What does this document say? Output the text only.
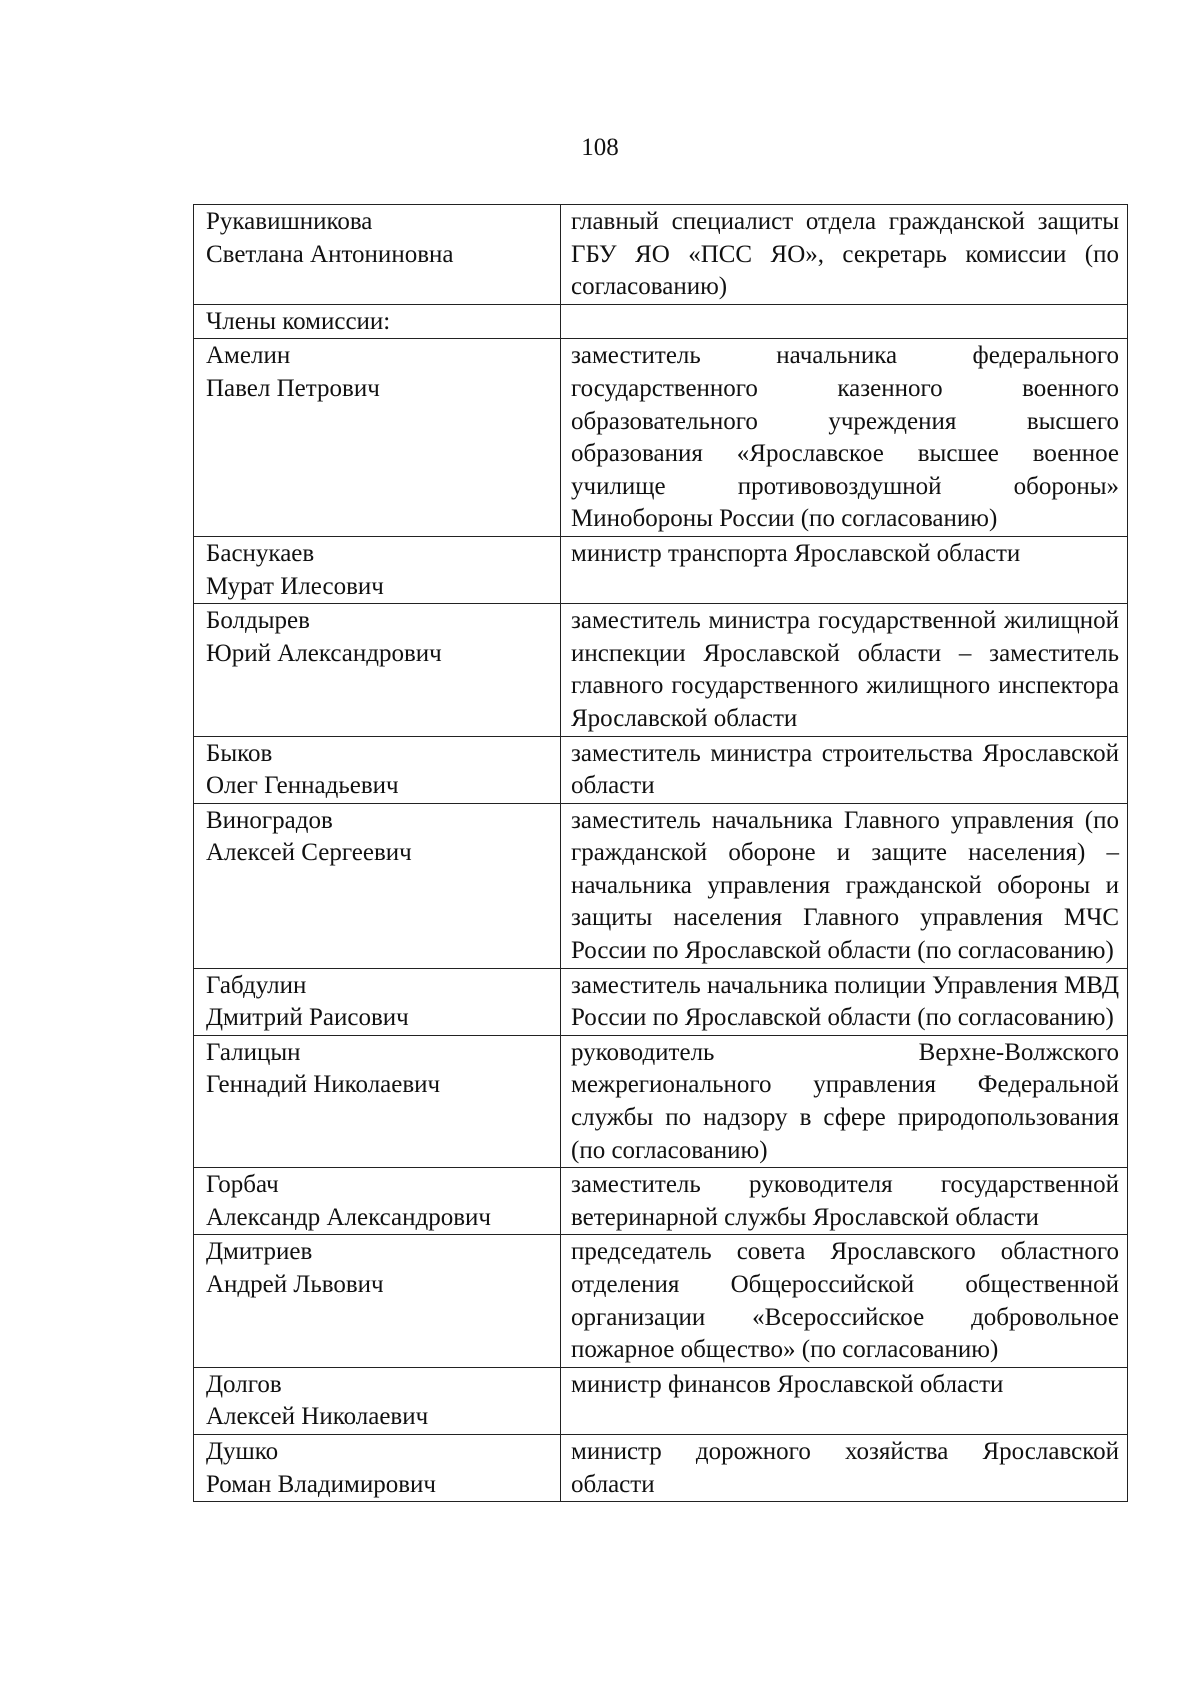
108
Рукавишникова
Светлана Антониновна	главный специалист отдела гражданской защиты ГБУ ЯО «ПСС ЯО», секретарь комиссии (по согласованию)

Члены комиссии:	

Амелин
Павел Петрович	заместитель начальника федерального государственного казенного военного образовательного учреждения высшего образования «Ярославское высшее военное училище противовоздушной обороны» Минобороны России (по согласованию)

Баснукаев
Мурат Илесович	министр транспорта Ярославской области

Болдырев
Юрий Александрович	заместитель министра государственной жилищной инспекции Ярославской области – заместитель главного государственного жилищного инспектора Ярославской области

Быков
Олег Геннадьевич	заместитель министра строительства Ярославской области

Виноградов
Алексей Сергеевич	заместитель начальника Главного управления (по гражданской обороне и защите населения) – начальника управления гражданской обороны и защиты населения Главного управления МЧС России по Ярославской области (по согласованию)

Габдулин
Дмитрий Раисович	заместитель начальника полиции Управления МВД России по Ярославской области (по согласованию)

Галицын
Геннадий Николаевич	руководитель Верхне-Волжского межрегионального управления Федеральной службы по надзору в сфере природопользования (по согласованию)

Горбач
Александр Александрович	заместитель руководителя государственной ветеринарной службы Ярославской области

Дмитриев
Андрей Львович	председатель совета Ярославского областного отделения Общероссийской общественной организации «Всероссийское добровольное пожарное общество» (по согласованию)

Долгов
Алексей Николаевич	министр финансов Ярославской области

Душко
Роман Владимирович	министр дорожного хозяйства Ярославской области
